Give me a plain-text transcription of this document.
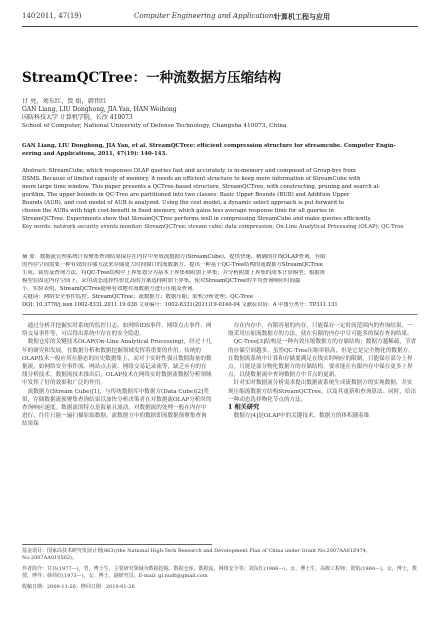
140 2011, 47(19)	Computer Engineering and Applications
计算机工程与应用
StreamQCTree：一种流数据方压缩结构
甘 亮，刘东红，贾 焰，韩伟红
GAN Liang, LIU Donghong, JIA Yan, HAN Weihong
国防科技大学 计算机学院，长沙 410073
School of Computer, National University of Defense Technology, Changsha 410073, China
GAN Liang, LIU Donghong, JIA Yan, et al. StreamQCTree: efficient compression structure for streamcube. Computer Engin-
eering and Applications, 2011, 47(19): 140-143.
Abstract: StreamCube, which responses OLAP queries fast and accurately, is in-memory and composed of Group-bys from
DSMS. Because of limited capacity of memory, it needs an efficient structure to keep more information of StreamCube with
more large time window. This paper presents a QCTree-based structure, StreamQCTree, with constructing, pruning and search al-
gorithm. The upper bounds in QC-Tree are partitioned into two classes: Basic Upper Bounds (BUB) and Addition Upper
Bounds (AUB), and cost model of AUB is analyzed. Using the cost model, a dynamic select approach is put forward to
choose the AUBs with high cost-benefit in fixed memory, which gains less average response time for all queries in
StreamQCTree. Experiments show that StreamQCTree performs well in compressing StreamCube and make queries efficiently.
Key words: network security events monitor; StreamQCTree; stream cube; data compression; On-Line Analytical Processing (OLAP); QC-Tree
摘 要：数据流管理系统计算聚集查询结果保存在内存中形成流数据方(StreamCube)，提供快速、精确的在线OLAP查询。有限
的内存空间需要一种有效的存储方法来存储更大时间窗口的流数据方。提出一种基于QC-Tree结构的流数据方StreamQCTree
生成、裁剪及查询方法，将QC-Tree结构中上界集划分为基本上界集和附加上界集；并分析附加上界集的成本计算模型；根据该
模型在固定内存空间下，采用动态选择性价比高的方案选择附加上界集，使对StreamQCTree的平均查询响应时间最
小。实验表明，StreamQCTree能够有效地对流数据方进行压缩及查询。
关键词：网络安全事件监控；StreamQCTree；流数据方；数据压缩；联机分析处理；QC-Tree
DOI: 10.3778/j.issn.1002-8331.2011.19.038 文章编号：1002-8331(2011)19-0140-04 文献标识码：A 中图分类号：TP311.131

通过分析并挖掘实时系统的监控日志，如网络IDS事件、网络点击事件、网络交易事件等，可以得出系统中存在的安全隐患。

数据仓库的关键技术OLAP(On-Line Analytical Processing)，经过十几年的研究和发展，在数据分析和数据挖掘领域发挥着重要的作用。传统的OLAP技术一般应用在静态的历史数据集上，而对于实时性强且数据海量的数据流，如网络安全事件流、网站点击流、网络交易记录流等，缺乏应有的在线分析技术。数据流技术推出后，OLAP技术在网络实时数据流数据分析领域中发挥了好的效果和广泛的作用。

流数据方(Stream Cube)[1]，与传统数据库中数据方(Data Cube)[2]类似，存储数据流预聚集查询结果以加快分析决策者在对数据流OLAP分析时的查询响应速度。数据流的特点是海量且流动，对数据流的处理一般在内存中进行，往往只能一遍扫描原始数据。流数据方中的数据即流数据预聚集查询结果保

存在内存中，有限容量的内存，只能保存一定时间范围内的查询结果，一般采用压缩流数据方的方法，使在有限的内存中尽可能多的保存查询结果。

QC-Tree[3]结构是一种有效压缩数据方的存储结构；数据方越稀疏，节省的存储空间越多。虽然QC-Tree压缩率很高，但是它是完全物化的数据方，在数据流系统中计算和存储要满足在线实时响应的限制，只能保存部分上界点。只能是部分物化数据方的存储结构，要求能在有限内存中保存更多上界点，以使数据流中查询数据方中节点的更新。

针对实时数据流分析需求提出数据流系统生成流数据方的实现数据，并实现压缩流数据方结构StreamQCTree，以及其更新和查询算法。同时，给出一种动态选择物化节点的方法。

1 相关研究

数据方[4]是OLAP中的关键技术，数据方的体积随着维

基金项目：国家高技术研究发展计划(863)(the National High-Tech Research and Development Plan of China under Grant No.2007AA01Z474, No.2007AA010502)。
作者简介：甘亮(1977—)，男，博士生，主要研究领域为数据挖掘、数据仓库、数据流、网络安全等；刘东红(1966—)，女，博士生，高级工程师；贾焰(1960—)，女，博士，教授，博导；韩伟红(1973—)，女，博士，副研究员。E-mail: gl.nudt@gmail.com
收稿日期：2009-11-26；修回日期：2010-01-26
